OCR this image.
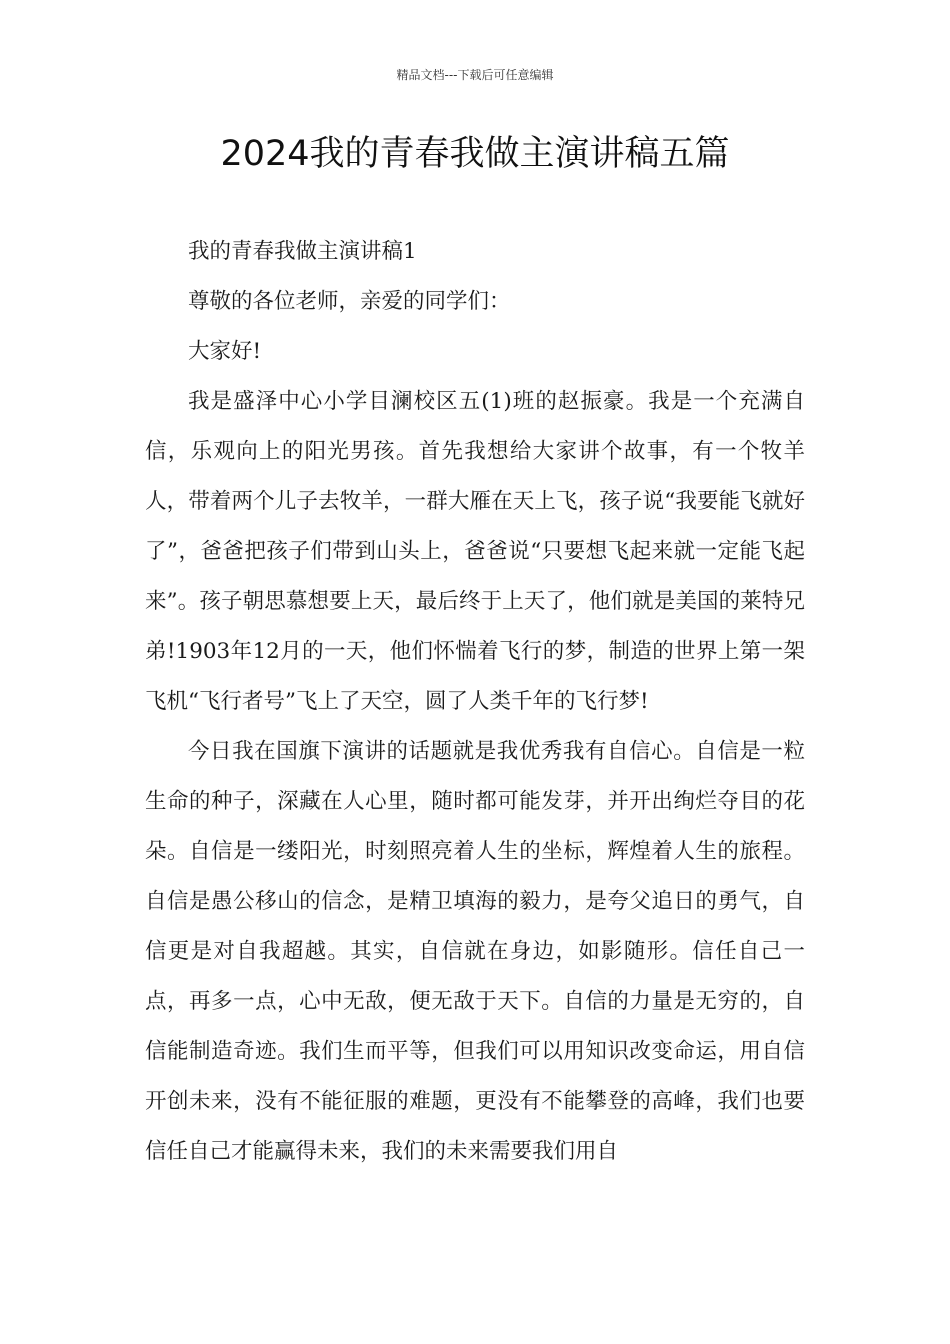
精品文档---下载后可任意编辑
2024我的青春我做主演讲稿五篇

我的青春我做主演讲稿1

尊敬的各位老师，亲爱的同学们：

大家好!

我是盛泽中心小学目澜校区五(1)班的赵振豪。我是一个充满自信，乐观向上的阳光男孩。首先我想给大家讲个故事，有一个牧羊人，带着两个儿子去牧羊，一群大雁在天上飞，孩子说“我要能飞就好了”，爸爸把孩子们带到山头上，爸爸说“只要想飞起来就一定能飞起来”。孩子朝思慕想要上天，最后终于上天了，他们就是美国的莱特兄弟!1903年12月的一天，他们怀惴着飞行的梦，制造的世界上第一架飞机“飞行者号”飞上了天空，圆了人类千年的飞行梦!

今日我在国旗下演讲的话题就是我优秀我有自信心。自信是一粒生命的种子，深藏在人心里，随时都可能发芽，并开出绚烂夺目的花朵。自信是一缕阳光，时刻照亮着人生的坐标，辉煌着人生的旅程。自信是愚公移山的信念，是精卫填海的毅力，是夸父追日的勇气，自信更是对自我超越。其实，自信就在身边，如影随形。信任自己一点，再多一点，心中无敌，便无敌于天下。自信的力量是无穷的，自信能制造奇迹。我们生而平等，但我们可以用知识改变命运，用自信开创未来，没有不能征服的难题，更没有不能攀登的高峰，我们也要信任自己才能赢得未来，我们的未来需要我们用自
